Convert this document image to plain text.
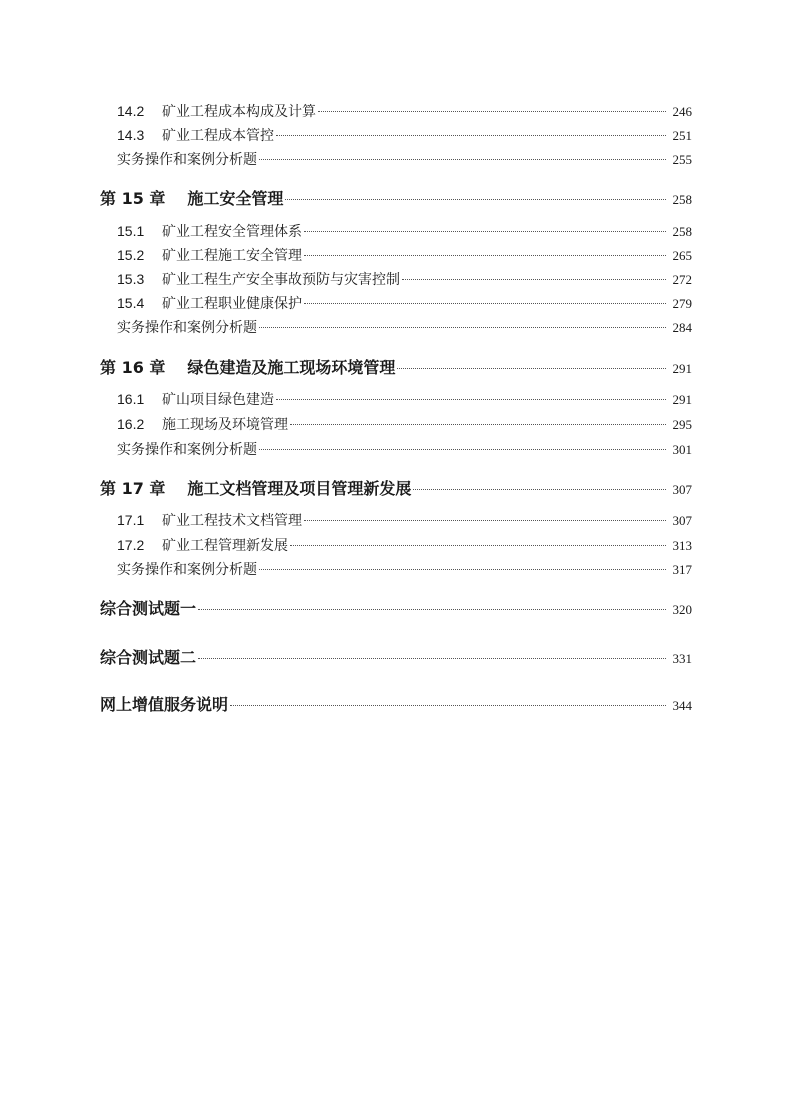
14.2	矿业工程成本构成及计算	246
14.3	矿业工程成本管控	251
实务操作和案例分析题	255
第 15 章 施工安全管理	258
15.1	矿业工程安全管理体系	258
15.2	矿业工程施工安全管理	265
15.3	矿业工程生产安全事故预防与灾害控制	272
15.4	矿业工程职业健康保护	279
实务操作和案例分析题	284
第 16 章 绿色建造及施工现场环境管理	291
16.1	矿山项目绿色建造	291
16.2	施工现场及环境管理	295
实务操作和案例分析题	301
第 17 章 施工文档管理及项目管理新发展	307
17.1	矿业工程技术文档管理	307
17.2	矿业工程管理新发展	313
实务操作和案例分析题	317
综合测试题一	320
综合测试题二	331
网上增值服务说明	344
